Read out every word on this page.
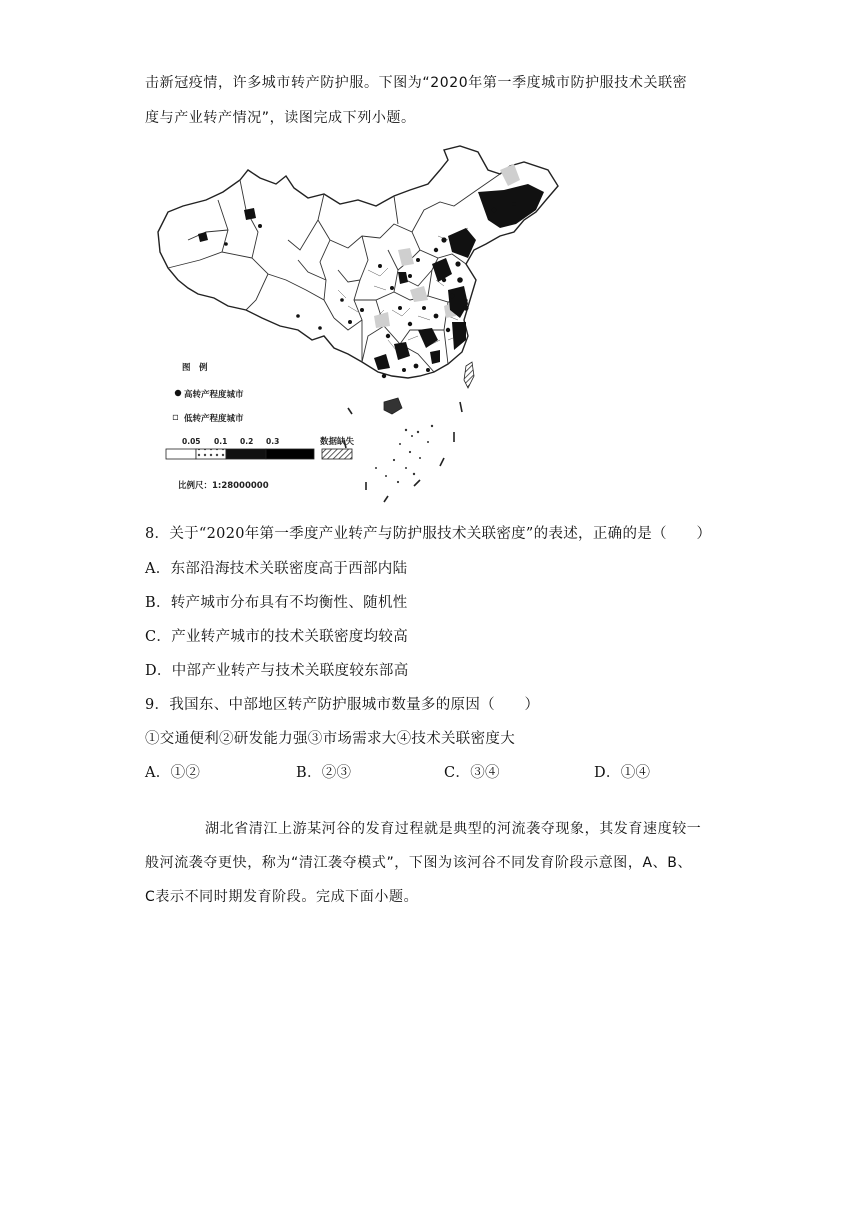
击新冠疫情，许多城市转产防护服。下图为“2020年第一季度城市防护服技术关联密
度与产业转产情况”，读图完成下列小题。
图　例
高转产程度城市
▫ 低转产程度城市
0.05 0.1 0.2 0.3	数据缺失
比例尺：1:28000000
8．关于“2020年第一季度产业转产与防护服技术关联密度”的表述，正确的是（　　）
A．东部沿海技术关联密度高于西部内陆
B．转产城市分布具有不均衡性、随机性
C．产业转产城市的技术关联密度均较高
D．中部产业转产与技术关联度较东部高
9．我国东、中部地区转产防护服城市数量多的原因（　　）
①交通便利②研发能力强③市场需求大④技术关联密度大
A．①②	B．②③	C．③④	D．①④
湖北省清江上游某河谷的发育过程就是典型的河流袭夺现象，其发育速度较一
般河流袭夺更快，称为“清江袭夺模式”，下图为该河谷不同发育阶段示意图，A、B、
C表示不同时期发育阶段。完成下面小题。
